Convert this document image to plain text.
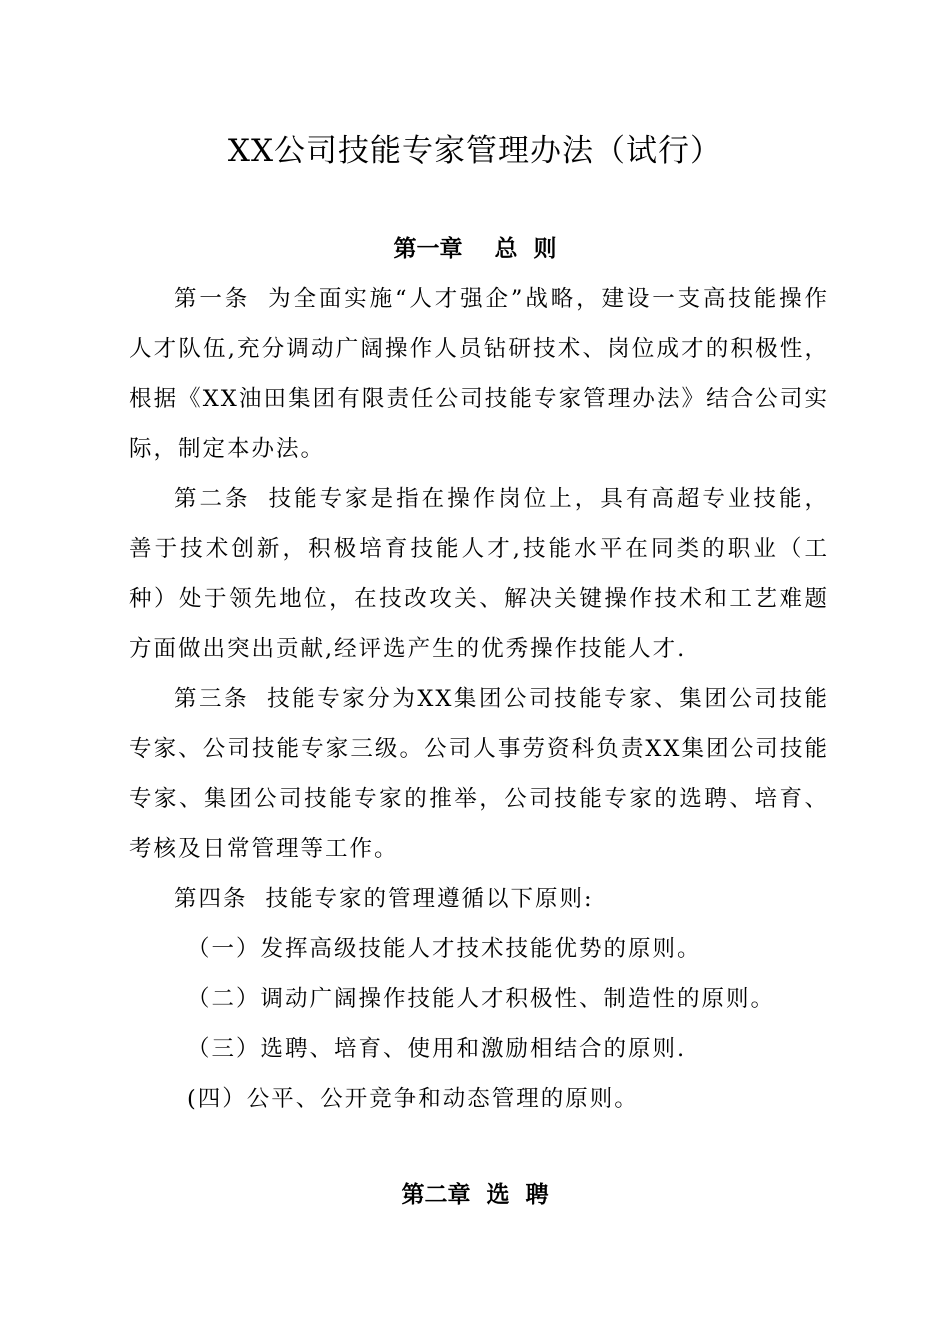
XX公司技能专家管理办法（试行）
第一章    总  则

第一条 为全面实施“人才强企”战略，建设一支高技能操作人才队伍,充分调动广阔操作人员钻研技术、岗位成才的积极性，根据《XX油田集团有限责任公司技能专家管理办法》结合公司实际，制定本办法。

第二条 技能专家是指在操作岗位上，具有高超专业技能，善于技术创新，积极培育技能人才,技能水平在同类的职业（工种）处于领先地位，在技改攻关、解决关键操作技术和工艺难题方面做出突出贡献,经评选产生的优秀操作技能人才.

第三条 技能专家分为XX集团公司技能专家、集团公司技能专家、公司技能专家三级。公司人事劳资科负责XX集团公司技能专家、集团公司技能专家的推举，公司技能专家的选聘、培育、考核及日常管理等工作。

第四条 技能专家的管理遵循以下原则:

（一）发挥高级技能人才技术技能优势的原则。

（二）调动广阔操作技能人才积极性、制造性的原则。

（三）选聘、培育、使用和激励相结合的原则.

(四）公平、公开竞争和动态管理的原则。

第二章  选  聘
